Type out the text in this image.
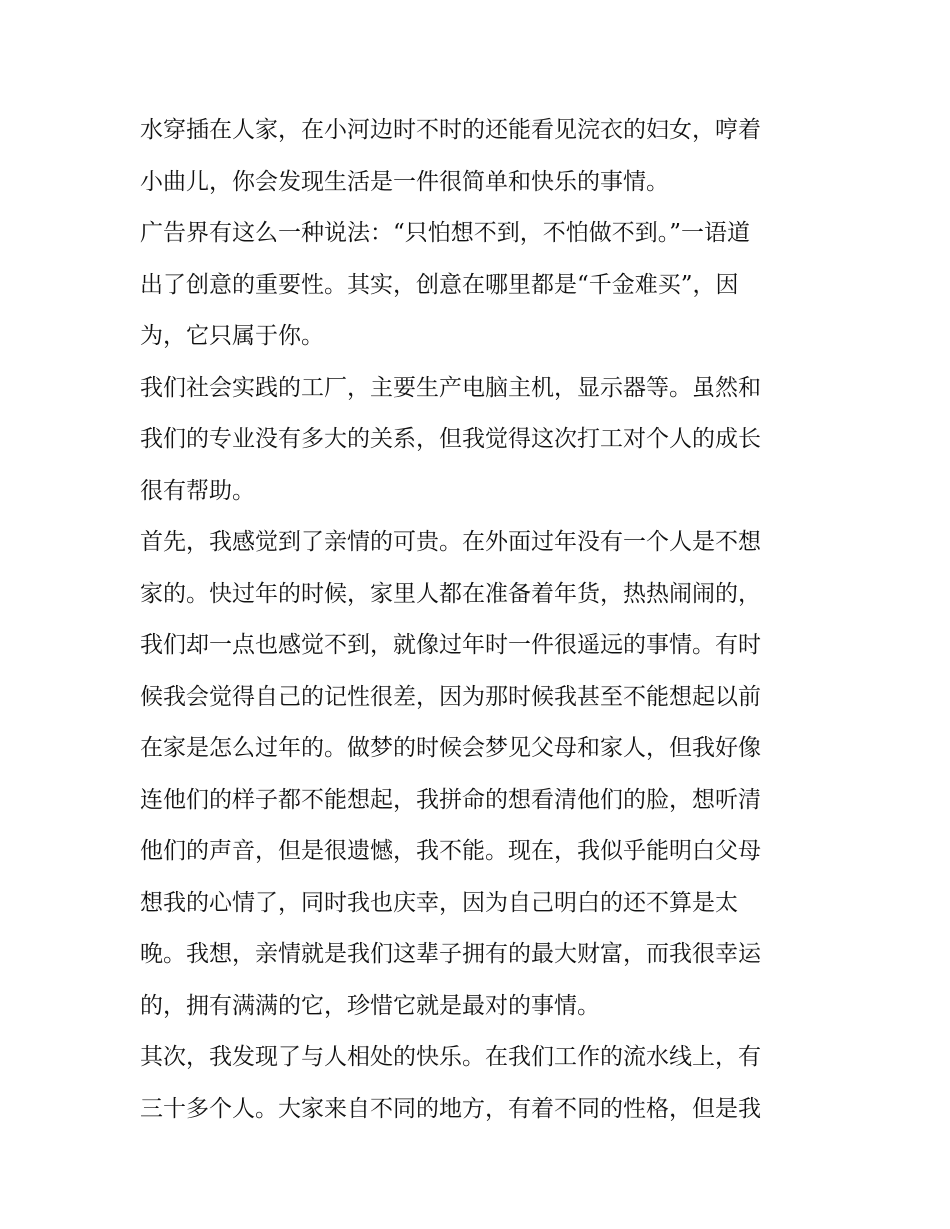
水穿插在人家，在小河边时不时的还能看见浣衣的妇女，哼着
小曲儿，你会发现生活是一件很简单和快乐的事情。
广告界有这么一种说法：“只怕想不到，不怕做不到。”一语道
出了创意的重要性。其实，创意在哪里都是“千金难买”，因
为，它只属于你。
我们社会实践的工厂，主要生产电脑主机，显示器等。虽然和
我们的专业没有多大的关系，但我觉得这次打工对个人的成长
很有帮助。
首先，我感觉到了亲情的可贵。在外面过年没有一个人是不想
家的。快过年的时候，家里人都在准备着年货，热热闹闹的，
我们却一点也感觉不到，就像过年时一件很遥远的事情。有时
候我会觉得自己的记性很差，因为那时候我甚至不能想起以前
在家是怎么过年的。做梦的时候会梦见父母和家人，但我好像
连他们的样子都不能想起，我拼命的想看清他们的脸，想听清
他们的声音，但是很遗憾，我不能。现在，我似乎能明白父母
想我的心情了，同时我也庆幸，因为自己明白的还不算是太
晚。我想，亲情就是我们这辈子拥有的最大财富，而我很幸运
的，拥有满满的它，珍惜它就是最对的事情。
其次，我发现了与人相处的快乐。在我们工作的流水线上，有
三十多个人。大家来自不同的地方，有着不同的性格，但是我
